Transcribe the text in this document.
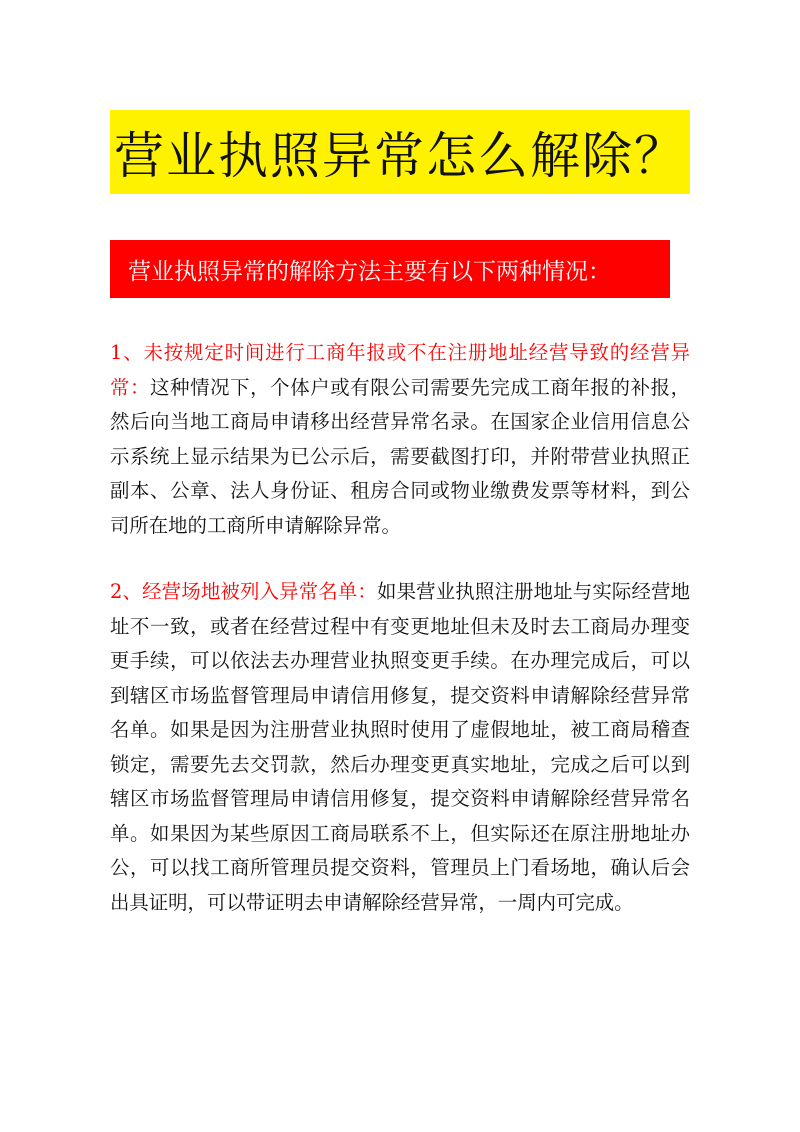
营业执照异常怎么解除？
营业执照异常的解除方法主要有以下两种情况：

1、未按规定时间进行工商年报或不在注册地址经营导致的经营异常：这种情况下，个体户或有限公司需要先完成工商年报的补报，然后向当地工商局申请移出经营异常名录。在国家企业信用信息公示系统上显示结果为已公示后，需要截图打印，并附带营业执照正副本、公章、法人身份证、租房合同或物业缴费发票等材料，到公司所在地的工商所申请解除异常。

2、经营场地被列入异常名单：如果营业执照注册地址与实际经营地址不一致，或者在经营过程中有变更地址但未及时去工商局办理变更手续，可以依法去办理营业执照变更手续。在办理完成后，可以到辖区市场监督管理局申请信用修复，提交资料申请解除经营异常名单。如果是因为注册营业执照时使用了虚假地址，被工商局稽查锁定，需要先去交罚款，然后办理变更真实地址，完成之后可以到辖区市场监督管理局申请信用修复，提交资料申请解除经营异常名单。如果因为某些原因工商局联系不上，但实际还在原注册地址办公，可以找工商所管理员提交资料，管理员上门看场地，确认后会出具证明，可以带证明去申请解除经营异常，一周内可完成。
